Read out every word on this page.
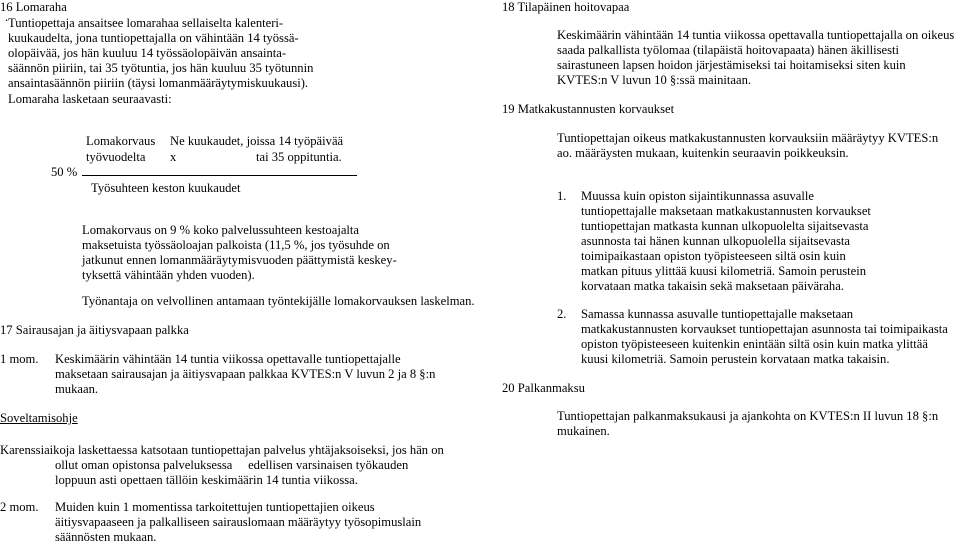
16 Lomaraha
. Tuntiopettaja ansaitsee lomarahaa sellaiselta kalenteri-
kuukaudelta, jona tuntiopettajalla on vähintään 14 työssä-
olopäivää, jos hän kuuluu 14 työssäolopäivän ansainta-
säännön piiriin, tai 35 työtuntia, jos hän kuuluu 35 työtunnin
ansaintasäännön piiriin (täysi lomanmääräytymiskuukausi).
Lomaraha lasketaan seuraavasti:
Lomakorvaus Ne kuukaudet, joissa 14 työpäivää
työvuodelta x	tai 35 oppituntia.
50 %
Työsuhteen keston kuukaudet
Lomakorvaus on 9 % koko palvelussuhteen kestoajalta
maksetuista työssäoloajan palkoista (11,5 %, jos työsuhde on
jatkunut ennen lomanmääräytymisvuoden päättymistä keskey-
tyksettä vähintään yhden vuoden).
Työnantaja on velvollinen antamaan työntekijälle lomakorvauksen laskelman.
17 Sairausajan ja äitiysvapaan palkka
1 mom. Keskimäärin vähintään 14 tuntia viikossa opettavalle tuntiopettajalle
maksetaan sairausajan ja äitiysvapaan palkkaa KVTES:n V luvun 2 ja 8 §:n
mukaan.
Soveltamisohje
Karenssiaikoja laskettaessa katsotaan tuntiopettajan palvelus yhtäjaksoiseksi, jos hän on
ollut oman opistonsa palveluksessa     edellisen varsinaisen työkauden
loppuun asti opettaen tällöin keskimäärin 14 tuntia viikossa.
2 mom. Muiden kuin 1 momentissa tarkoitettujen tuntiopettajien oikeus
äitiysvapaaseen ja palkalliseen sairauslomaan määräytyy työsopimuslain
säännösten mukaan.
18 Tilapäinen hoitovapaa
Keskimäärin vähintään 14 tuntia viikossa opettavalla tuntiopettajalla on oikeus
saada palkallista työlomaa (tilapäistä hoitovapaata) hänen äkillisesti
sairastuneen lapsen hoidon järjestämiseksi tai hoitamiseksi siten kuin
KVTES:n V luvun 10 §:ssä mainitaan.
19 Matkakustannusten korvaukset
Tuntiopettajan oikeus matkakustannusten korvauksiin määräytyy KVTES:n
ao. määräysten mukaan, kuitenkin seuraavin poikkeuksin.
1. Muussa kuin opiston sijaintikunnassa asuvalle
tuntiopettajalle maksetaan matkakustannusten korvaukset
tuntiopettajan matkasta kunnan ulkopuolelta sijaitsevasta
asunnosta tai hänen kunnan ulkopuolella sijaitsevasta
toimipaikastaan opiston työpisteeseen siltä osin kuin
matkan pituus ylittää kuusi kilometriä. Samoin perustein
korvataan matka takaisin sekä maksetaan päiväraha.
2. Samassa kunnassa asuvalle tuntiopettajalle maksetaan
matkakustannusten korvaukset tuntiopettajan asunnosta tai toimipaikasta
opiston työpisteeseen kuitenkin enintään siltä osin kuin matka ylittää
kuusi kilometriä. Samoin perustein korvataan matka takaisin.
20 Palkanmaksu
Tuntiopettajan palkanmaksukausi ja ajankohta on KVTES:n II luvun 18 §:n
mukainen.
